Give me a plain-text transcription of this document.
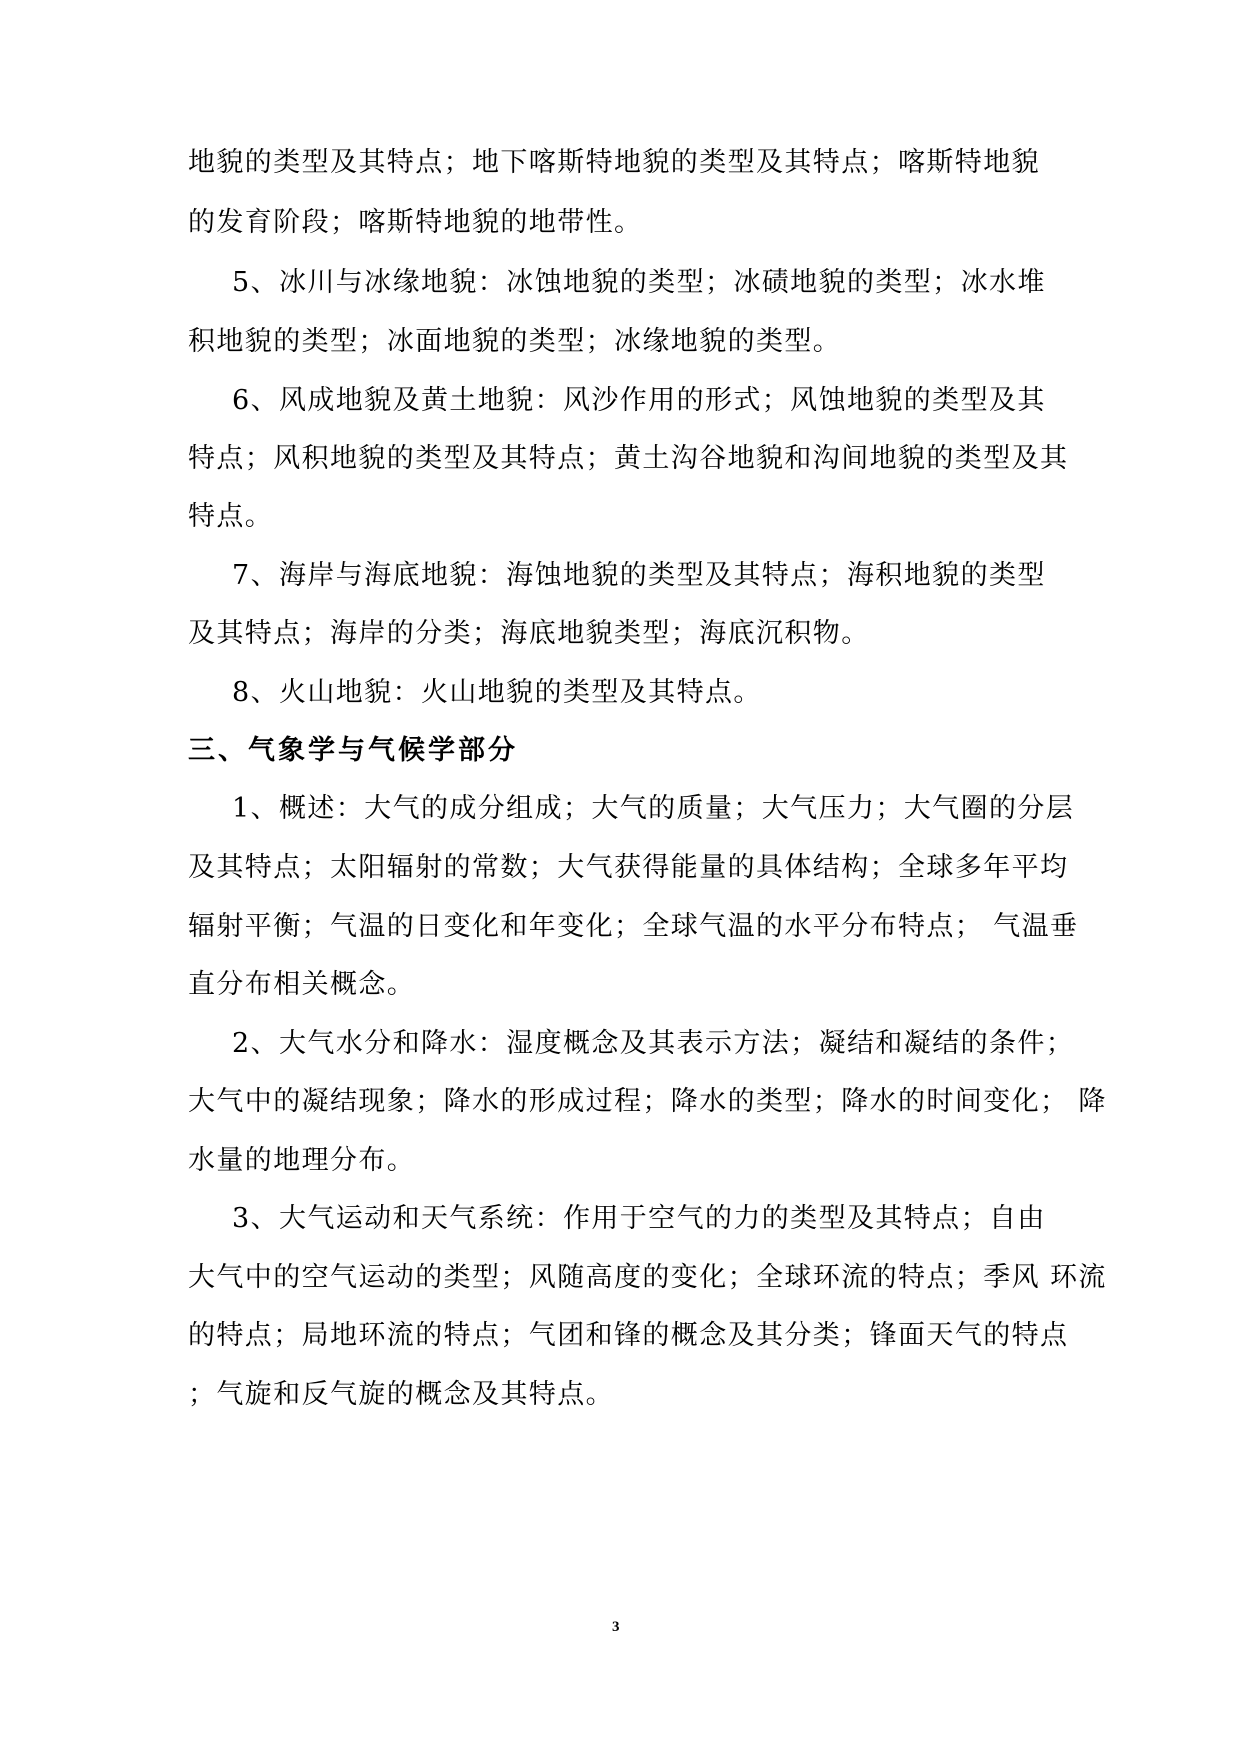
地貌的类型及其特点；地下喀斯特地貌的类型及其特点；喀斯特地貌
的发育阶段；喀斯特地貌的地带性。
5、冰川与冰缘地貌：冰蚀地貌的类型；冰碛地貌的类型；冰水堆
积地貌的类型；冰面地貌的类型；冰缘地貌的类型。
6、风成地貌及黄土地貌：风沙作用的形式；风蚀地貌的类型及其
特点；风积地貌的类型及其特点；黄土沟谷地貌和沟间地貌的类型及其
特点。
7、海岸与海底地貌：海蚀地貌的类型及其特点；海积地貌的类型
及其特点；海岸的分类；海底地貌类型；海底沉积物。
8、火山地貌：火山地貌的类型及其特点。
三、气象学与气候学部分
1、概述：大气的成分组成；大气的质量；大气压力；大气圈的分层
及其特点；太阳辐射的常数；大气获得能量的具体结构；全球多年平均
辐射平衡；气温的日变化和年变化；全球气温的水平分布特点； 气温垂
直分布相关概念。
2、大气水分和降水：湿度概念及其表示方法；凝结和凝结的条件；
大气中的凝结现象；降水的形成过程；降水的类型；降水的时间变化； 降
水量的地理分布。
3、大气运动和天气系统：作用于空气的力的类型及其特点；自由
大气中的空气运动的类型；风随高度的变化；全球环流的特点；季风 环流
的特点；局地环流的特点；气团和锋的概念及其分类；锋面天气的特点
；气旋和反气旋的概念及其特点。
3
